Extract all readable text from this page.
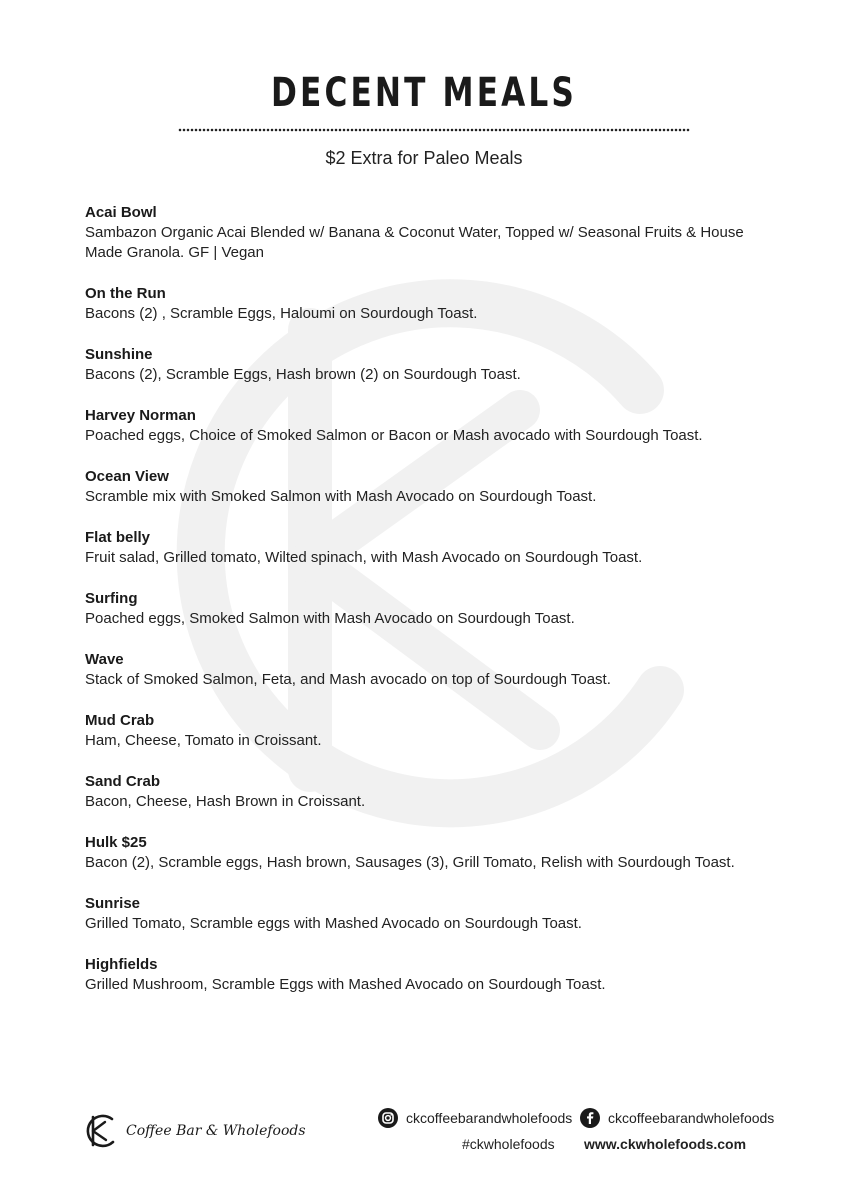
DECENT MEALS
$2 Extra for Paleo Meals
Acai Bowl
Sambazon Organic Acai Blended w/ Banana & Coconut Water, Topped w/ Seasonal Fruits & House Made Granola. GF | Vegan
On the Run
Bacons (2) , Scramble Eggs, Haloumi on Sourdough Toast.
Sunshine
Bacons (2), Scramble Eggs, Hash brown (2) on Sourdough Toast.
Harvey Norman
Poached eggs, Choice of Smoked Salmon or Bacon or Mash avocado with Sourdough Toast.
Ocean View
Scramble mix with Smoked Salmon with Mash Avocado on Sourdough Toast.
Flat belly
Fruit salad, Grilled tomato, Wilted spinach, with Mash Avocado on Sourdough Toast.
Surfing
Poached eggs, Smoked Salmon with Mash Avocado on Sourdough Toast.
Wave
Stack of Smoked Salmon, Feta, and Mash avocado on top of Sourdough Toast.
Mud Crab
Ham, Cheese, Tomato in Croissant.
Sand Crab
Bacon, Cheese, Hash Brown in Croissant.
Hulk $25
Bacon (2), Scramble eggs, Hash brown, Sausages (3), Grill Tomato, Relish with Sourdough Toast.
Sunrise
Grilled Tomato, Scramble eggs with Mashed Avocado on Sourdough Toast.
Highfields
Grilled Mushroom, Scramble Eggs with Mashed Avocado on Sourdough Toast.
Coffee Bar & Wholefoods
ckcoffeebarandwholefoods	ckcoffeebarandwholefoods
#ckwholefoods www.ckwholefoods.com
